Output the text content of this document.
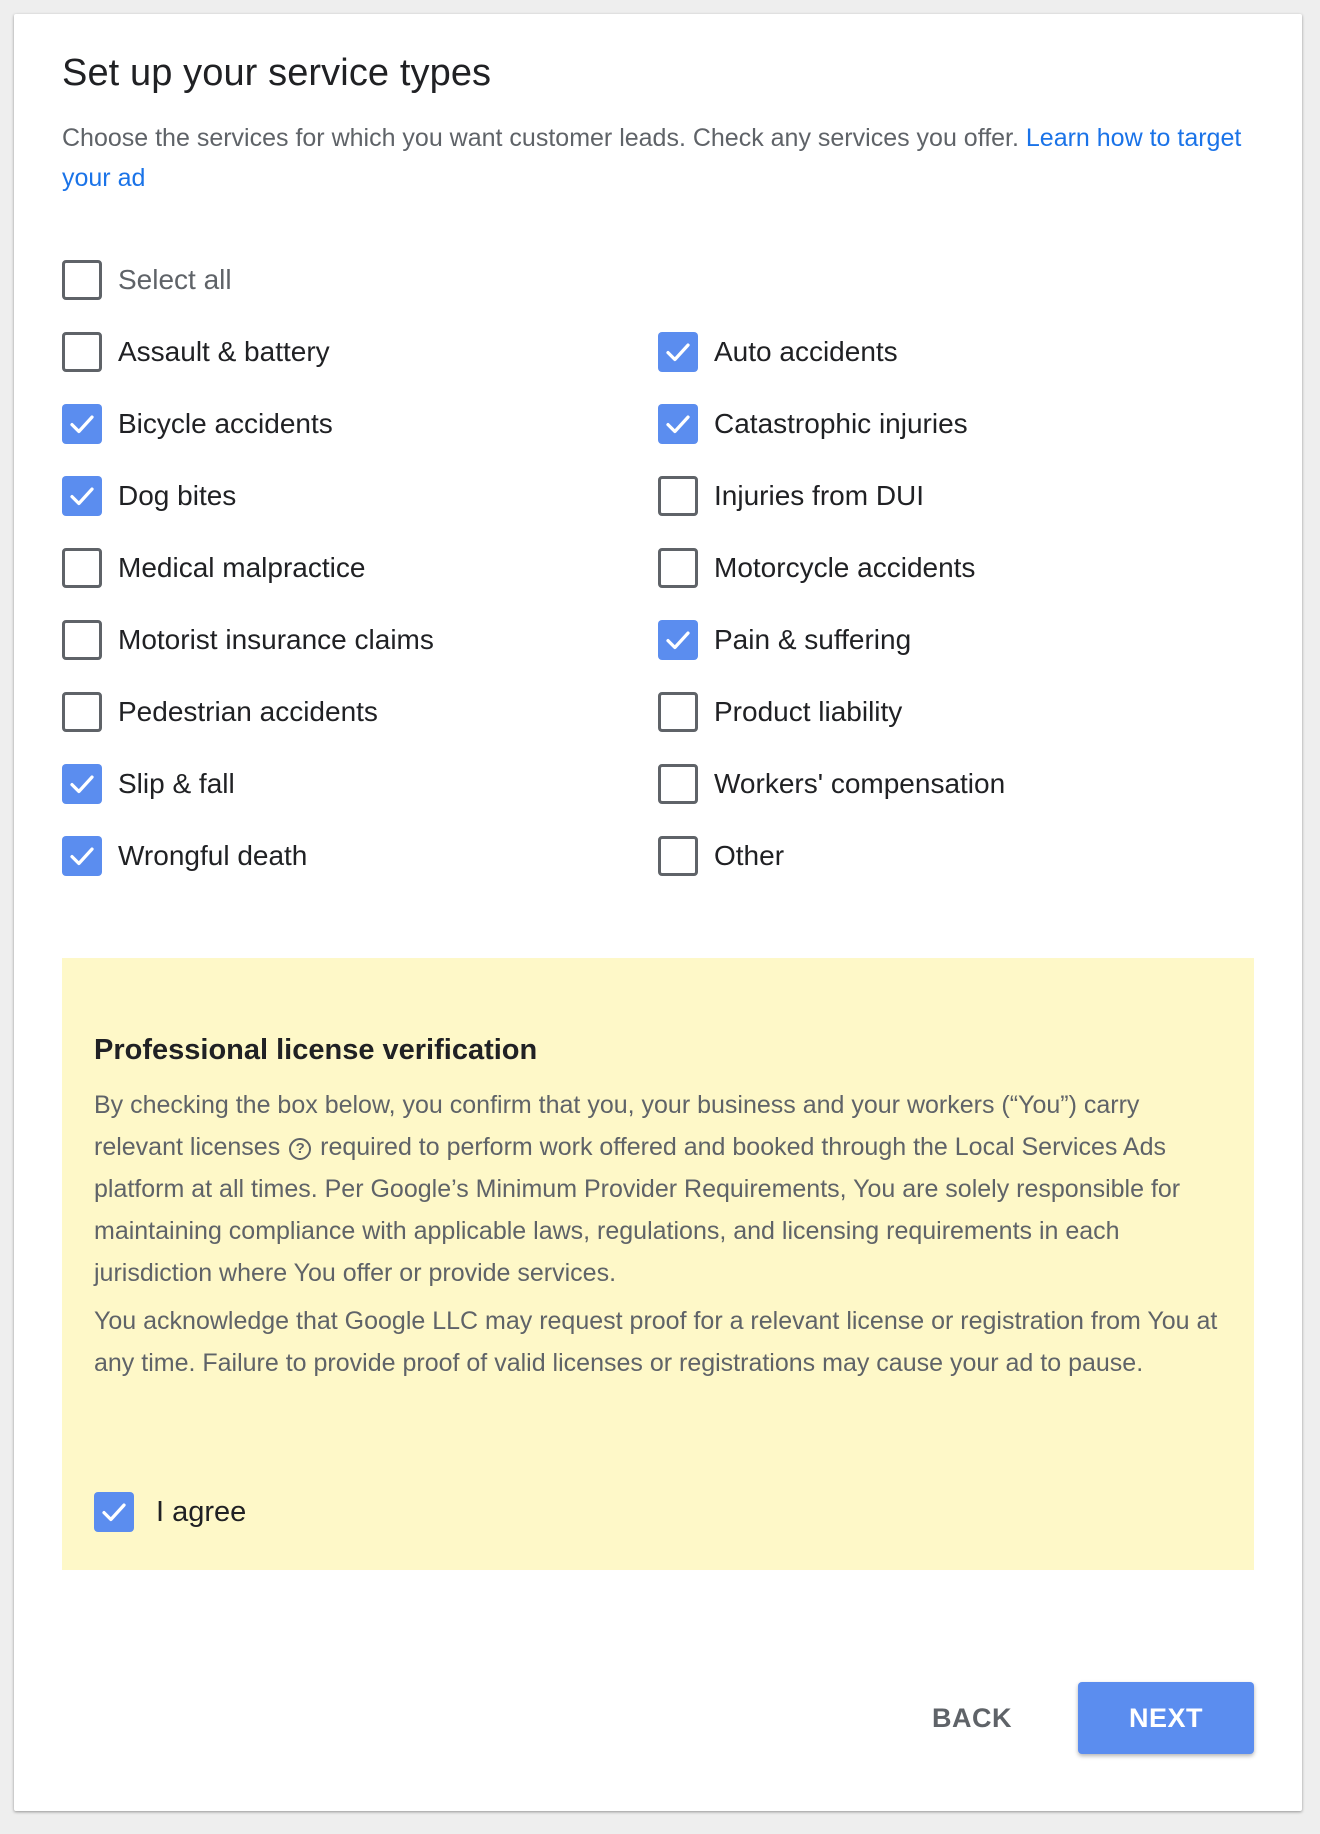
Set up your service types

Choose the services for which you want customer leads. Check any services you offer. Learn how to target your ad

Select all
Assault & battery
Bicycle accidents
Dog bites
Medical malpractice
Motorist insurance claims
Pedestrian accidents
Slip & fall
Wrongful death
Auto accidents
Catastrophic injuries
Injuries from DUI
Motorcycle accidents
Pain & suffering
Product liability
Workers' compensation
Other
Professional license verification

By checking the box below, you confirm that you, your business and your workers (“You”) carry relevant licenses ? required to perform work offered and booked through the Local Services Ads platform at all times. Per Google’s Minimum Provider Requirements, You are solely responsible for maintaining compliance with applicable laws, regulations, and licensing requirements in each jurisdiction where You offer or provide services.

You acknowledge that Google LLC may request proof for a relevant license or registration from You at any time. Failure to provide proof of valid licenses or registrations may cause your ad to pause.

I agree
BACK	NEXT
